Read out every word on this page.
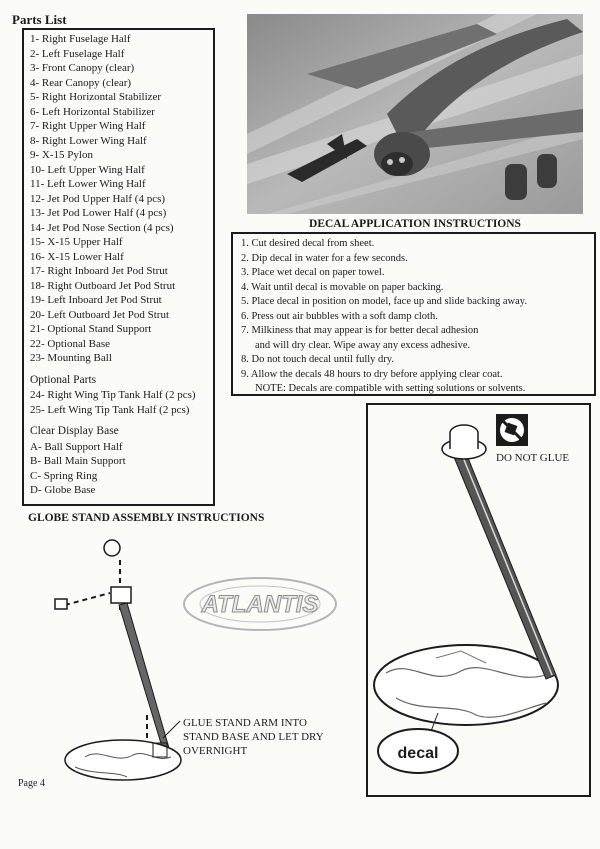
Parts List
1- Right Fuselage Half
2- Left Fuselage Half
3- Front Canopy (clear)
4- Rear Canopy (clear)
5- Right Horizontal Stabilizer
6- Left Horizontal Stabilizer
7- Right Upper Wing Half
8- Right Lower Wing Half
9- X-15 Pylon
10- Left Upper Wing Half
11- Left Lower Wing Half
12- Jet Pod Upper Half (4 pcs)
13- Jet Pod Lower Half (4 pcs)
14- Jet Pod Nose Section (4 pcs)
15- X-15 Upper Half
16- X-15 Lower Half
17- Right Inboard Jet Pod Strut
18- Right Outboard Jet Pod Strut
19- Left Inboard Jet Pod Strut
20- Left Outboard Jet Pod Strut
21- Optional Stand Support
22- Optional Base
23- Mounting Ball
Optional Parts
24- Right Wing Tip Tank Half (2 pcs)
25- Left Wing Tip Tank Half (2 pcs)
Clear Display Base
A- Ball Support Half
B- Ball Main Support
C- Spring Ring
D- Globe Base
DECAL APPLICATION INSTRUCTIONS
1. Cut desired decal from sheet.
2. Dip decal in water for a few seconds.
3. Place wet decal on paper towel.
4. Wait until decal is movable on paper backing.
5. Place decal in position on model, face up and slide backing away.
6. Press out air bubbles with a soft damp cloth.
7. Milkiness that may appear is for better decal adhesion
and will dry clear. Wipe away any excess adhesive.
8. Do not touch decal until fully dry.
9. Allow the decals 48 hours to dry before applying clear coat.
NOTE: Decals are compatible with setting solutions or solvents.
GLOBE STAND ASSEMBLY INSTRUCTIONS
ATLANTIS
GLUE STAND ARM INTO
STAND BASE AND LET DRY
OVERNIGHT	decal
DO NOT GLUE
Page 4
